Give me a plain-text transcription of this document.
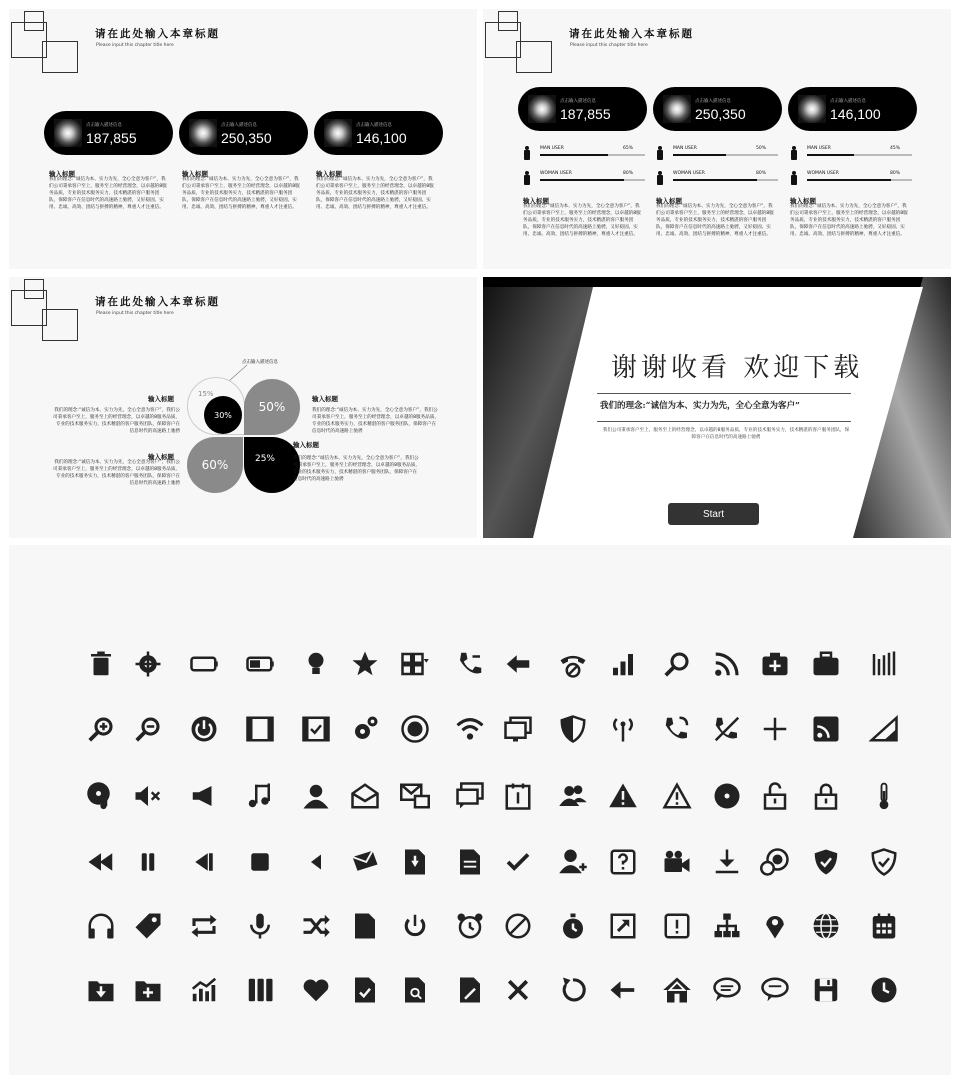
请在此处输入本章标题
Please input this chapter title here
点击输入描述信息
187,855
点击输入描述信息
250,350
点击输入描述信息
146,100
输入标题
我们的理念:“诚信为本、实力为先，全心全意为客户”，我们公司秉承客户至上，服务至上的经营理念，以卓越的8服务品质，专业的技术服务实力，技术精湛的客户服务团队，保障客户在信息时代的高速路上驰骋，又好稳固、实用、忠诚、高效、团结与拼搏的精神，尊重人才注重信。
输入标题
我们的理念:“诚信为本、实力为先，全心全意为客户”，我们公司秉承客户至上，服务至上的经营理念，以卓越的8服务品质，专业的技术服务实力，技术精湛的客户服务团队，保障客户在信息时代的高速路上驰骋，又好稳固、实用、忠诚、高效、团结与拼搏的精神，尊重人才注重信。
输入标题
我们的理念:“诚信为本、实力为先，全心全意为客户”，我们公司秉承客户至上，服务至上的经营理念，以卓越的8服务品质，专业的技术服务实力，技术精湛的客户服务团队，保障客户在信息时代的高速路上驰骋，又好稳固、实用、忠诚、高效、团结与拼搏的精神，尊重人才注重信。
请在此处输入本章标题
Please input this chapter title here
点击输入描述信息
187,855
点击输入描述信息
250,350
点击输入描述信息
146,100
MAN USER	65%
WOMAN USER	80%
MAN USER	50%
WOMAN USER	80%
MAN USER	45%
WOMAN USER	80%
输入标题
我们的理念:“诚信为本、实力为先，全心全意为客户”，我们公司秉承客户至上，服务至上的经营理念，以卓越的8服务品质，专业的技术服务实力，技术精湛的客户服务团队，保障客户在信息时代的高速路上驰骋，又好稳固、实用、忠诚、高效、团结与拼搏的精神，尊重人才注重信。
输入标题
我们的理念:“诚信为本、实力为先，全心全意为客户”，我们公司秉承客户至上，服务至上的经营理念，以卓越的8服务品质，专业的技术服务实力，技术精湛的客户服务团队，保障客户在信息时代的高速路上驰骋，又好稳固、实用、忠诚、高效、团结与拼搏的精神，尊重人才注重信。
输入标题
我们的理念:“诚信为本、实力为先，全心全意为客户”，我们公司秉承客户至上，服务至上的经营理念，以卓越的8服务品质，专业的技术服务实力，技术精湛的客户服务团队，保障客户在信息时代的高速路上驰骋，又好稳固、实用、忠诚、高效、团结与拼搏的精神，尊重人才注重信。
请在此处输入本章标题
Please input this chapter title here
点击输入描述信息
15%
50%
30%
60%	25%
输入标题
我们的理念:“诚信为本、实力为先，全心全意为客户”，我们公司秉承客户至上，服务至上的经营理念，以卓越的8服务品质，专业的技术服务实力，技术精湛的客户服务团队，保障客户在信息时代的高速路上驰骋
输入标题
我们的理念:“诚信为本、实力为先，全心全意为客户”，我们公司秉承客户至上，服务至上的经营理念，以卓越的8服务品质，专业的技术服务实力，技术精湛的客户服务团队，保障客户在信息时代的高速路上驰骋
输入标题
我们的理念:“诚信为本、实力为先，全心全意为客户”，我们公司秉承客户至上，服务至上的经营理念，以卓越的8服务品质，专业的技术服务实力，技术精湛的客户服务团队，保障客户在信息时代的高速路上驰骋
输入标题
我们的理念:“诚信为本、实力为先，全心全意为客户”，我们公司秉承客户至上，服务至上的经营理念，以卓越的8服务品质，专业的技术服务实力，技术精湛的客户服务团队，保障客户在信息时代的高速路上驰骋
谢谢收看 欢迎下载
我们的理念:“诚信为本、实力为先，全心全意为客户”
我们公司秉承客户至上，服务至上的经营理念，以卓越的8服务品质，专业的技术服务实力，技术精湛的客户服务团队，保障客户在信息时代的高速路上驰骋
Start
